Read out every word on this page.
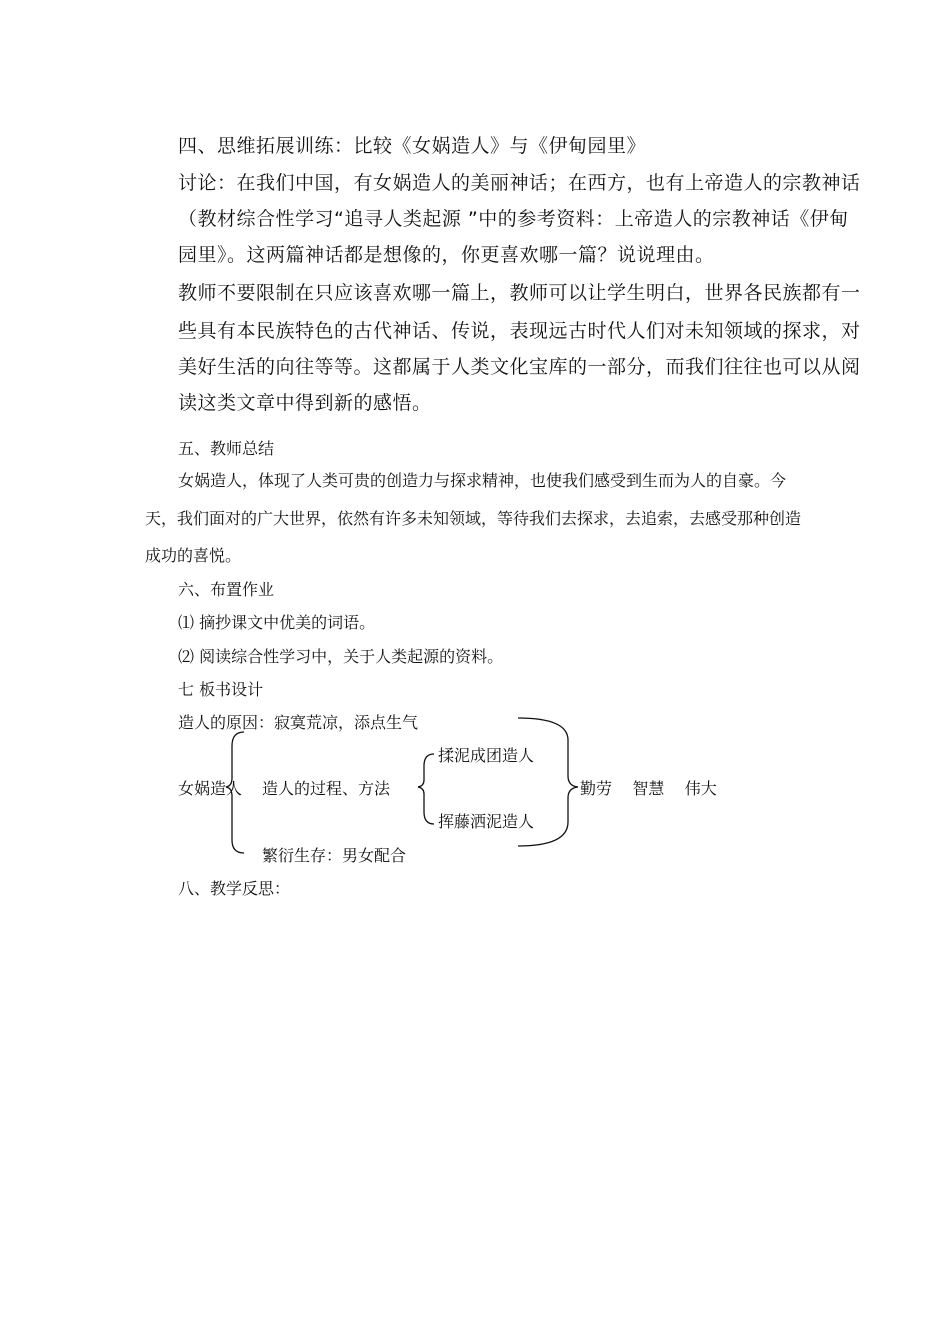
四、思维拓展训练：比较《女娲造人》与《伊甸园里》
讨论：在我们中国，有女娲造人的美丽神话；在西方，也有上帝造人的宗教神话
（教材综合性学习“追寻人类起源 ”中的参考资料：上帝造人的宗教神话《伊甸
园里》。这两篇神话都是想像的，你更喜欢哪一篇？说说理由。
教师不要限制在只应该喜欢哪一篇上，教师可以让学生明白，世界各民族都有一
些具有本民族特色的古代神话、传说，表现远古时代人们对未知领域的探求，对
美好生活的向往等等。这都属于人类文化宝库的一部分，而我们往往也可以从阅
读这类文章中得到新的感悟。
五、教师总结
女娲造人，体现了人类可贵的创造力与探求精神，也使我们感受到生而为人的自豪。今
天，我们面对的广大世界，依然有许多未知领域，等待我们去探求，去追索，去感受那种创造
成功的喜悦。
六、布置作业
⑴ 摘抄课文中优美的词语。
⑵ 阅读综合性学习中，关于人类起源的资料。
七 板书设计
造人的原因：寂寞荒凉，添点生气
女娲造人 造人的过程、方法
揉泥成团造人
挥藤洒泥造人
勤劳    智慧    伟大
繁衍生存：男女配合
八、教学反思：
